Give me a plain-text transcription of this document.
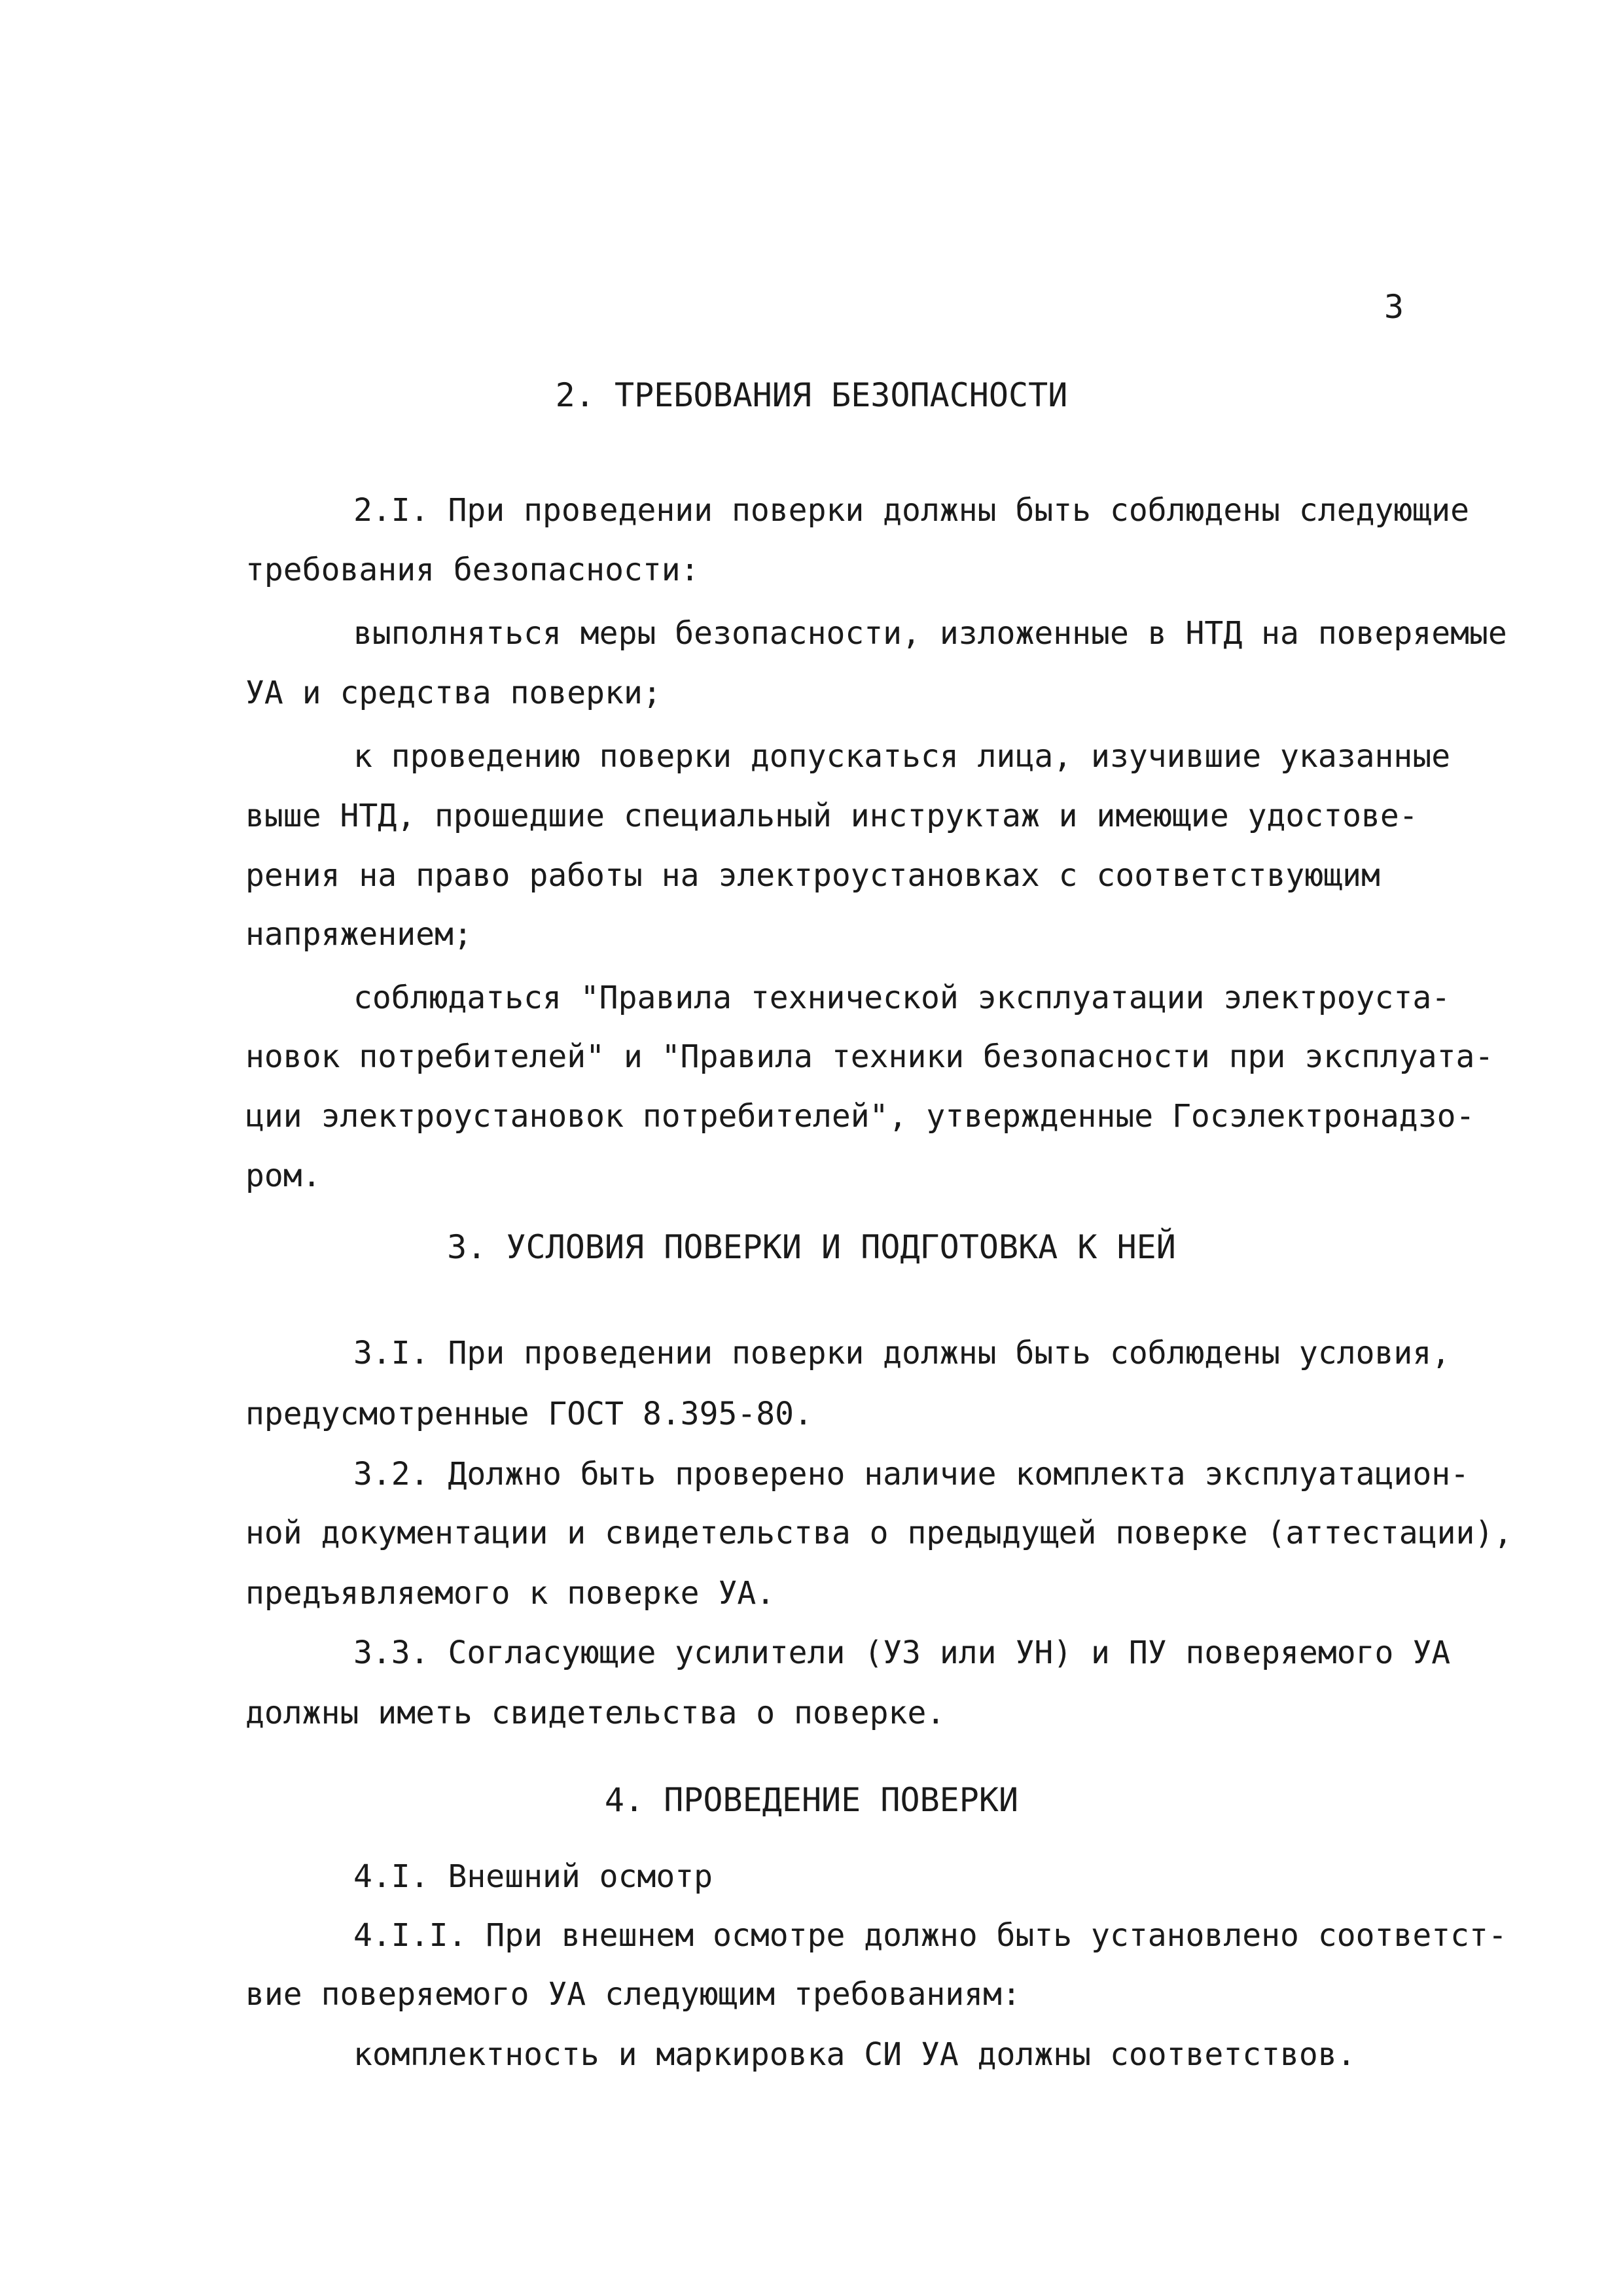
3
2. ТРЕБОВАНИЯ БЕЗОПАСНОСТИ
2.I. При проведении поверки должны быть соблюдены следующие
требования безопасности:
выполняться меры безопасности, изложенные в НТД на поверяемые
УА и средства поверки;
к проведению поверки допускаться лица, изучившие указанные
выше НТД, прошедшие специальный инструктаж и имеющие удостове-
рения на право работы на электроустановках с соответствующим
напряжением;
соблюдаться "Правила технической эксплуатации электроуста-
новок потребителей" и "Правила техники безопасности при эксплуата-
ции электроустановок потребителей", утвержденные Госэлектронадзо-
ром.
3. УСЛОВИЯ ПОВЕРКИ И ПОДГОТОВКА К НЕЙ
3.I. При проведении поверки должны быть соблюдены условия,
предусмотренные ГОСТ 8.395-80.
3.2. Должно быть проверено наличие комплекта эксплуатацион-
ной документации и свидетельства о предыдущей поверке (аттестации),
предъявляемого к поверке УА.
3.3. Согласующие усилители (УЗ или УН) и ПУ поверяемого УА
должны иметь свидетельства о поверке.
4. ПРОВЕДЕНИЕ ПОВЕРКИ
4.I. Внешний осмотр
4.I.I. При внешнем осмотре должно быть установлено соответст-
вие поверяемого УА следующим требованиям:
комплектность и маркировка СИ УА должны соответствов.
